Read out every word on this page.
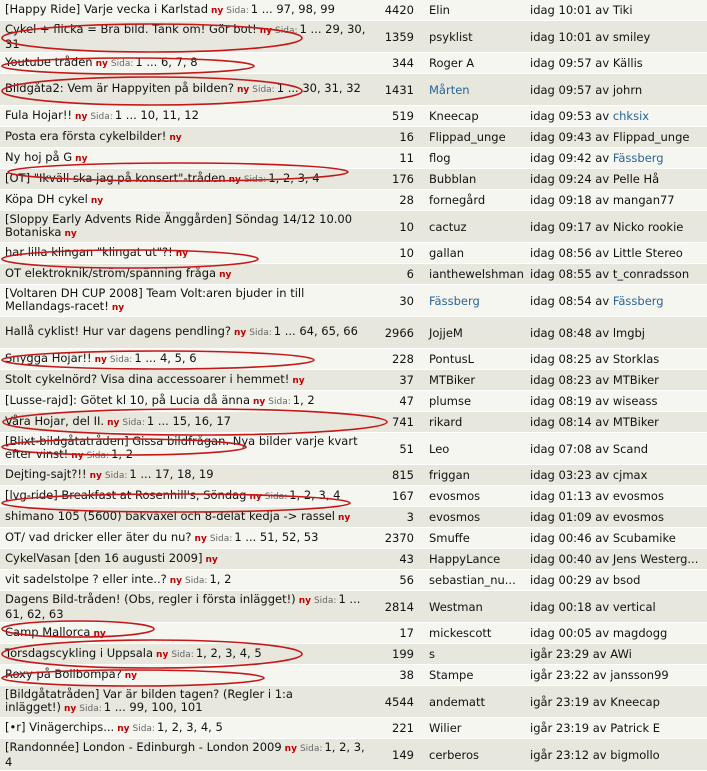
[Happy Ride] Varje vecka i Karlstad ny Sida: 1 ... 97, 98, 99	4420	Elin	idag 10:01 av Tiki
Cykel + flicka = Bra bild. Tänk om! Gör bot! ny Sida: 1 ... 29, 30, 31	1359	psyklist	idag 10:01 av smiley
Youtube tråden ny Sida: 1 ... 6, 7, 8	344	Roger A	idag 09:57 av Källis
Bildgåta2: Vem är Happyiten på bilden? ny Sida: 1 ... 30, 31, 32	1431	Mårten	idag 09:57 av johrn
Fula Hojar!! ny Sida: 1 ... 10, 11, 12	519	Kneecap	idag 09:53 av chksix
Posta era första cykelbilder! ny	16	Flippad_unge	idag 09:43 av Flippad_unge
Ny hoj på G ny	11	flog	idag 09:42 av Fässberg
[OT] "Ikväll ska jag på konsert"-tråden ny Sida: 1, 2, 3, 4	176	Bubblan	idag 09:24 av Pelle Hå
Köpa DH cykel ny	28	fornegård	idag 09:18 av mangan77
[Sloppy Early Advents Ride Änggården] Söndag 14/12 10.00 Botaniska ny	10	cactuz	idag 09:17 av Nicko rookie
har lilla klingan "klingat ut"?! ny	10	gallan	idag 08:56 av Little Stereo
OT elektroknik/ström/spänning fråga ny	6	ianthewelshman	idag 08:55 av t_conradsson
[Voltaren DH CUP 2008] Team Volt:aren bjuder in till Mellandags-racet! ny	30	Fässberg	idag 08:54 av Fässberg
Hallå cyklist! Hur var dagens pendling? ny Sida: 1 ... 64, 65, 66	2966	JojjeM	idag 08:48 av lmgbj
Snygga Hojar!! ny Sida: 1 ... 4, 5, 6	228	PontusL	idag 08:25 av Storklas
Stolt cykelnörd? Visa dina accessoarer i hemmet! ny	37	MTBiker	idag 08:23 av MTBiker
[Lusse-rajd]: Götet kl 10, på Lucia då änna ny Sida: 1, 2	47	plumse	idag 08:19 av wiseass
Våra Hojar, del II. ny Sida: 1 ... 15, 16, 17	741	rikard	idag 08:14 av MTBiker
[Blixt-bildgåtatråden] Gissa bildfrågan. Nya bilder varje kvart efter vinst! ny Sida: 1, 2	51	Leo	idag 07:08 av Scand
Dejting-sajt?!! ny Sida: 1 ... 17, 18, 19	815	friggan	idag 03:23 av cjmax
[lvg-ride] Breakfast at Rosenhill's, Söndag ny Sida: 1, 2, 3, 4	167	evosmos	idag 01:13 av evosmos
shimano 105 (5600) bakväxel och 8-delat kedja -> rassel ny	3	evosmos	idag 01:09 av evosmos
OT/ vad dricker eller äter du nu? ny Sida: 1 ... 51, 52, 53	2370	Smuffe	idag 00:46 av Scubamike
CykelVasan [den 16 augusti 2009] ny	43	HappyLance	idag 00:40 av Jens Westerg...
vit sadelstolpe ? eller inte..? ny Sida: 1, 2	56	sebastian_nu...	idag 00:29 av bsod
Dagens Bild-tråden! (Obs, regler i första inlägget!) ny Sida: 1 ... 61, 62, 63	2814	Westman	idag 00:18 av vertical
Camp Mallorca ny	17	mickescott	idag 00:05 av magdogg
Torsdagscykling i Uppsala ny Sida: 1, 2, 3, 4, 5	199	s	igår 23:29 av AWi
Roxy på Bolibompa? ny	38	Stampe	igår 23:22 av jansson99
[Bildgåtatråden] Var är bilden tagen? (Regler i 1:a inlägget!) ny Sida: 1 ... 99, 100, 101	4544	andematt	igår 23:19 av Kneecap
[•r] Vinägerchips... ny Sida: 1, 2, 3, 4, 5	221	Wilier	igår 23:19 av Patrick E
[Randonnée] London - Edinburgh - London 2009 ny Sida: 1, 2, 3, 4	149	cerberos	igår 23:12 av bigmollo
